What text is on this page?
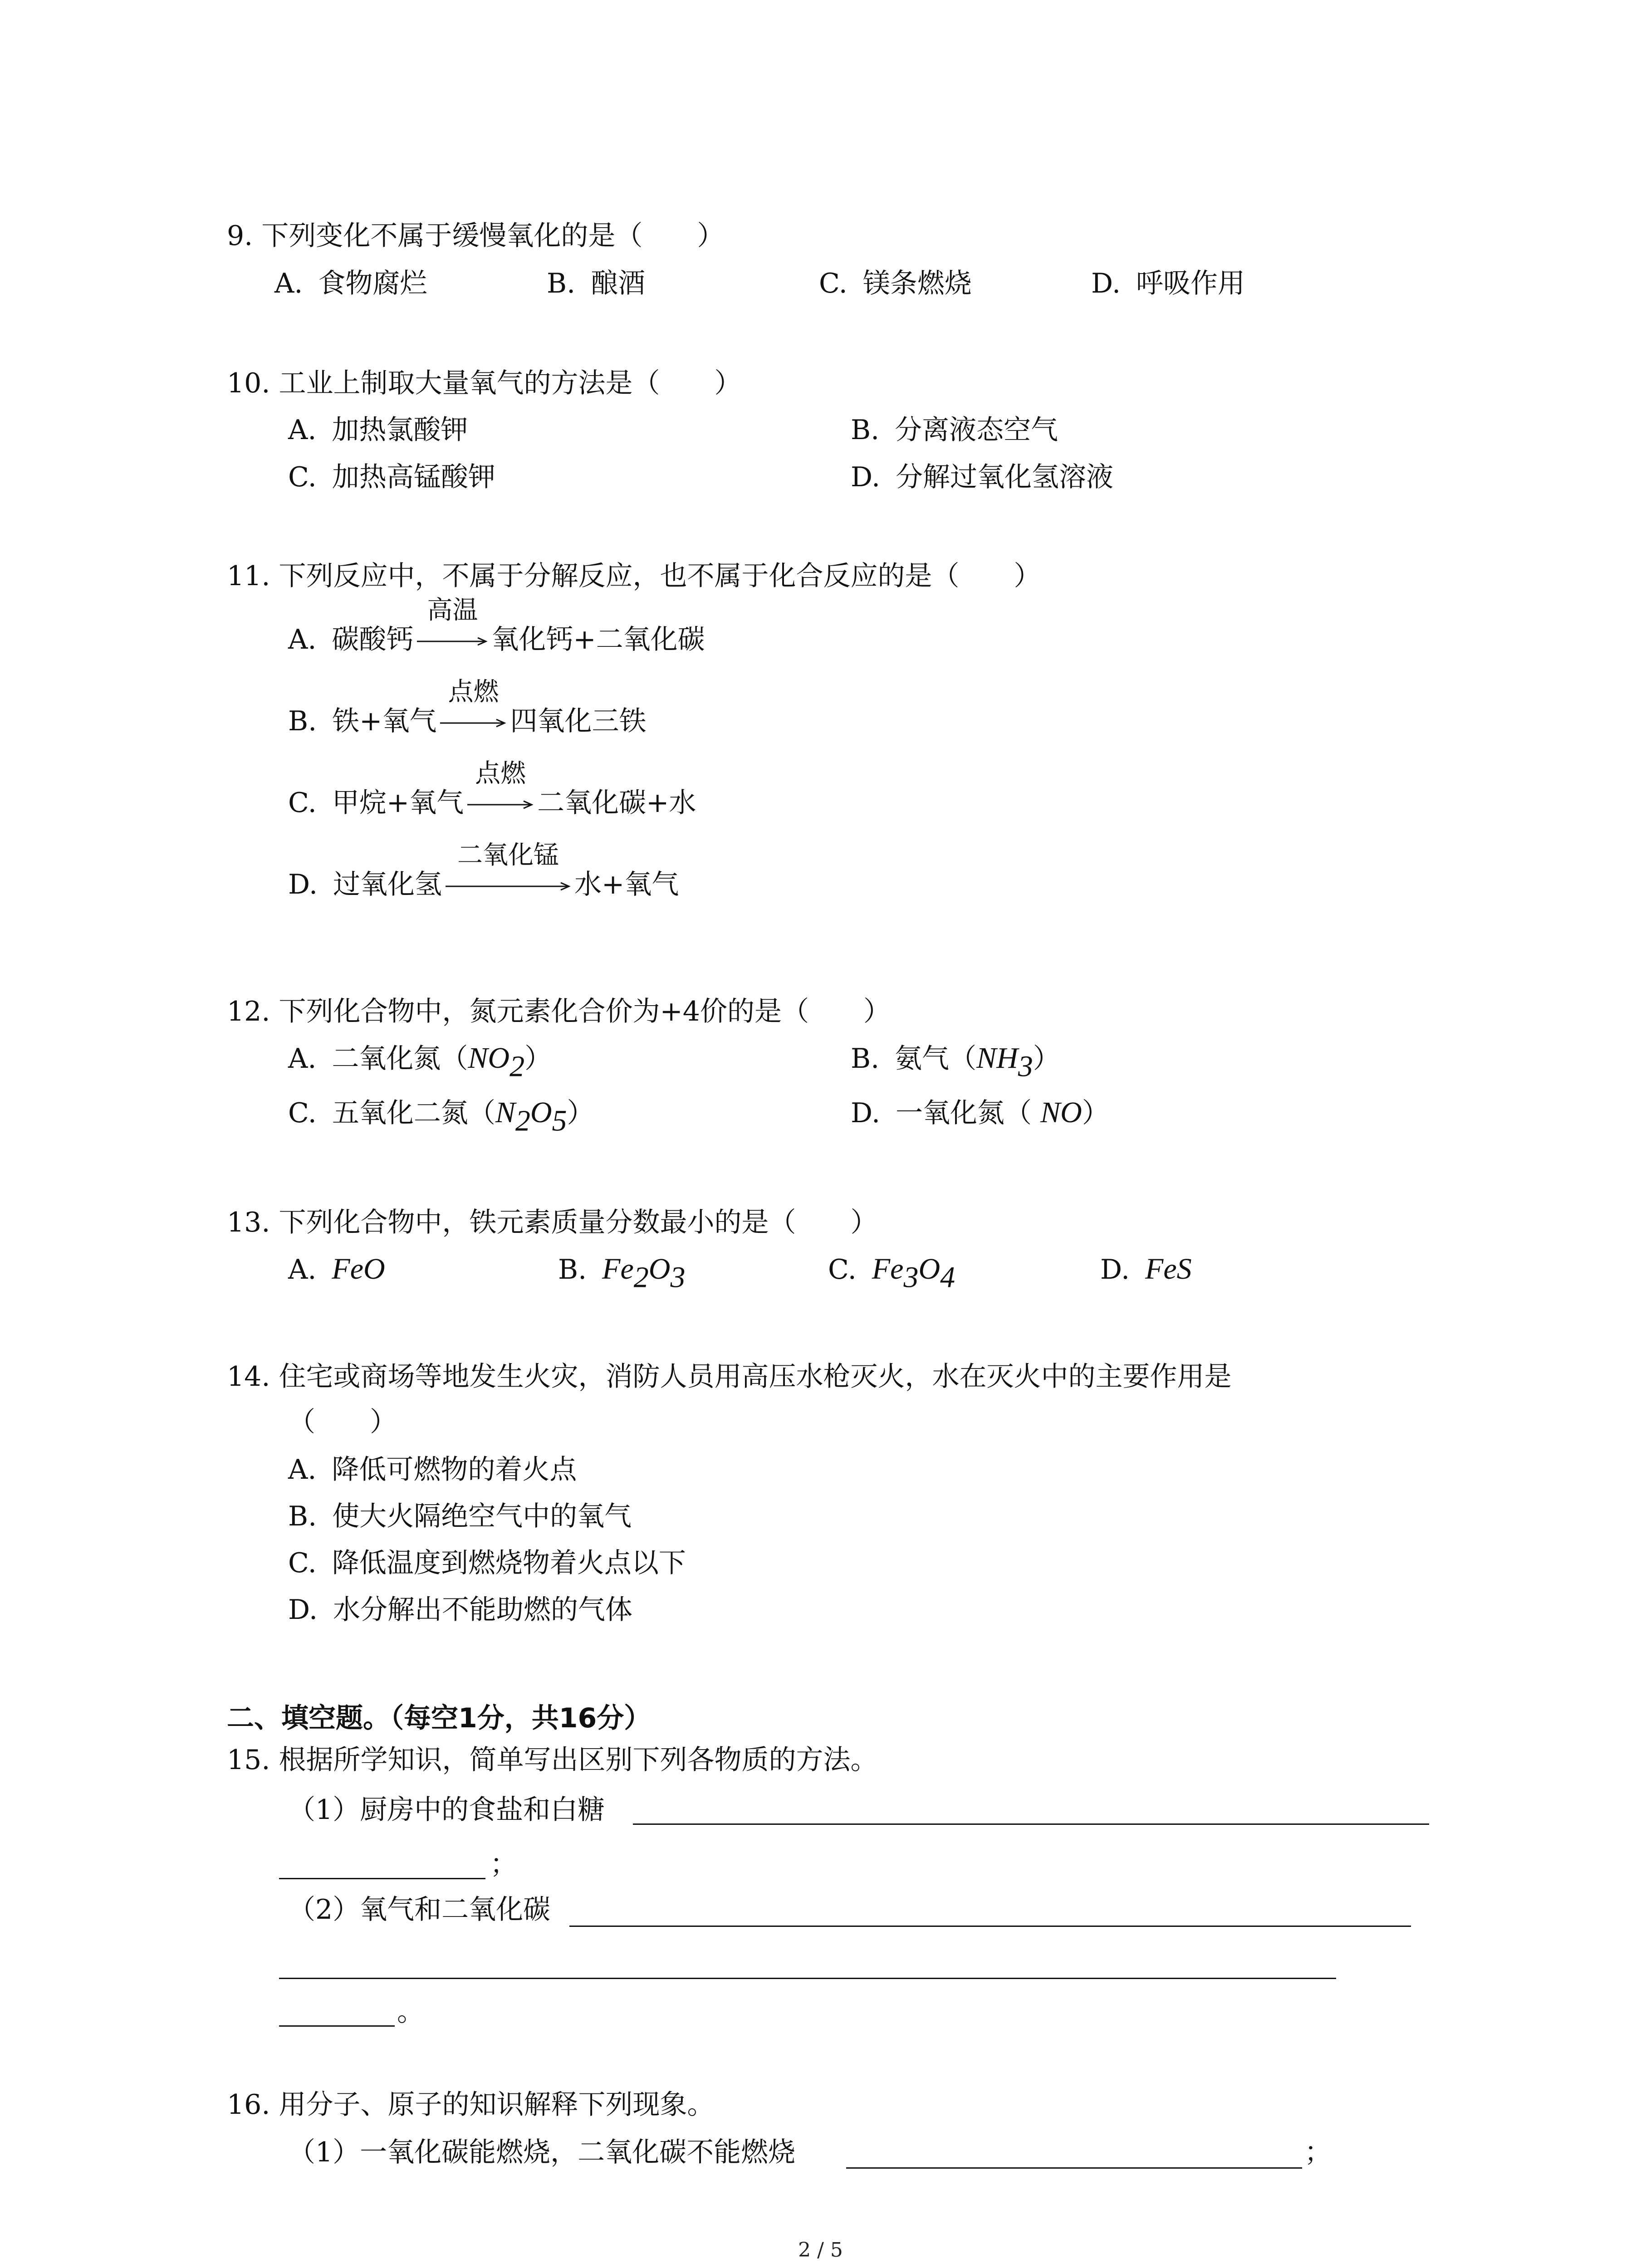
9. 下列变化不属于缓慢氧化的是（　　）
A. 食物腐烂	B. 酿酒	C. 镁条燃烧	D. 呼吸作用
10. 工业上制取大量氧气的方法是（　　）
A. 加热氯酸钾	B. 分离液态空气
C. 加热高锰酸钾	D. 分解过氧化氢溶液
11. 下列反应中，不属于分解反应，也不属于化合反应的是（　　）
A. 碳酸钙
高温
氧化钙+二氧化碳
B. 铁+氧气
点燃
四氧化三铁
C. 甲烷+氧气
点燃
二氧化碳+水
D. 过氧化氢
二氧化锰
水+氧气
12. 下列化合物中，氮元素化合价为+4价的是（　　）
A. 二氧化氮$(NO_2)$	B. 氨气$(NH_3)$
C. 五氧化二氮$(N_2O_5)$	D. 一氧化氮（ NO）
13. 下列化合物中，铁元素质量分数最小的是（　　）
A. FeO	B. $Fe_2O_3$	C. $Fe_3O_4$	D. FeS
14. 住宅或商场等地发生火灾，消防人员用高压水枪灭火，水在灭火中的主要作用是
（　　）
A. 降低可燃物的着火点
B. 使大火隔绝空气中的氧气
C. 降低温度到燃烧物着火点以下
D. 水分解出不能助燃的气体
二、填空题。（每空1分，共16分）
15. 根据所学知识，简单写出区别下列各物质的方法。
（1）厨房中的食盐和白糖
；
（2）氧气和二氧化碳
。
16. 用分子、原子的知识解释下列现象。
（1）一氧化碳能燃烧，二氧化碳不能燃烧	；
2 / 5
